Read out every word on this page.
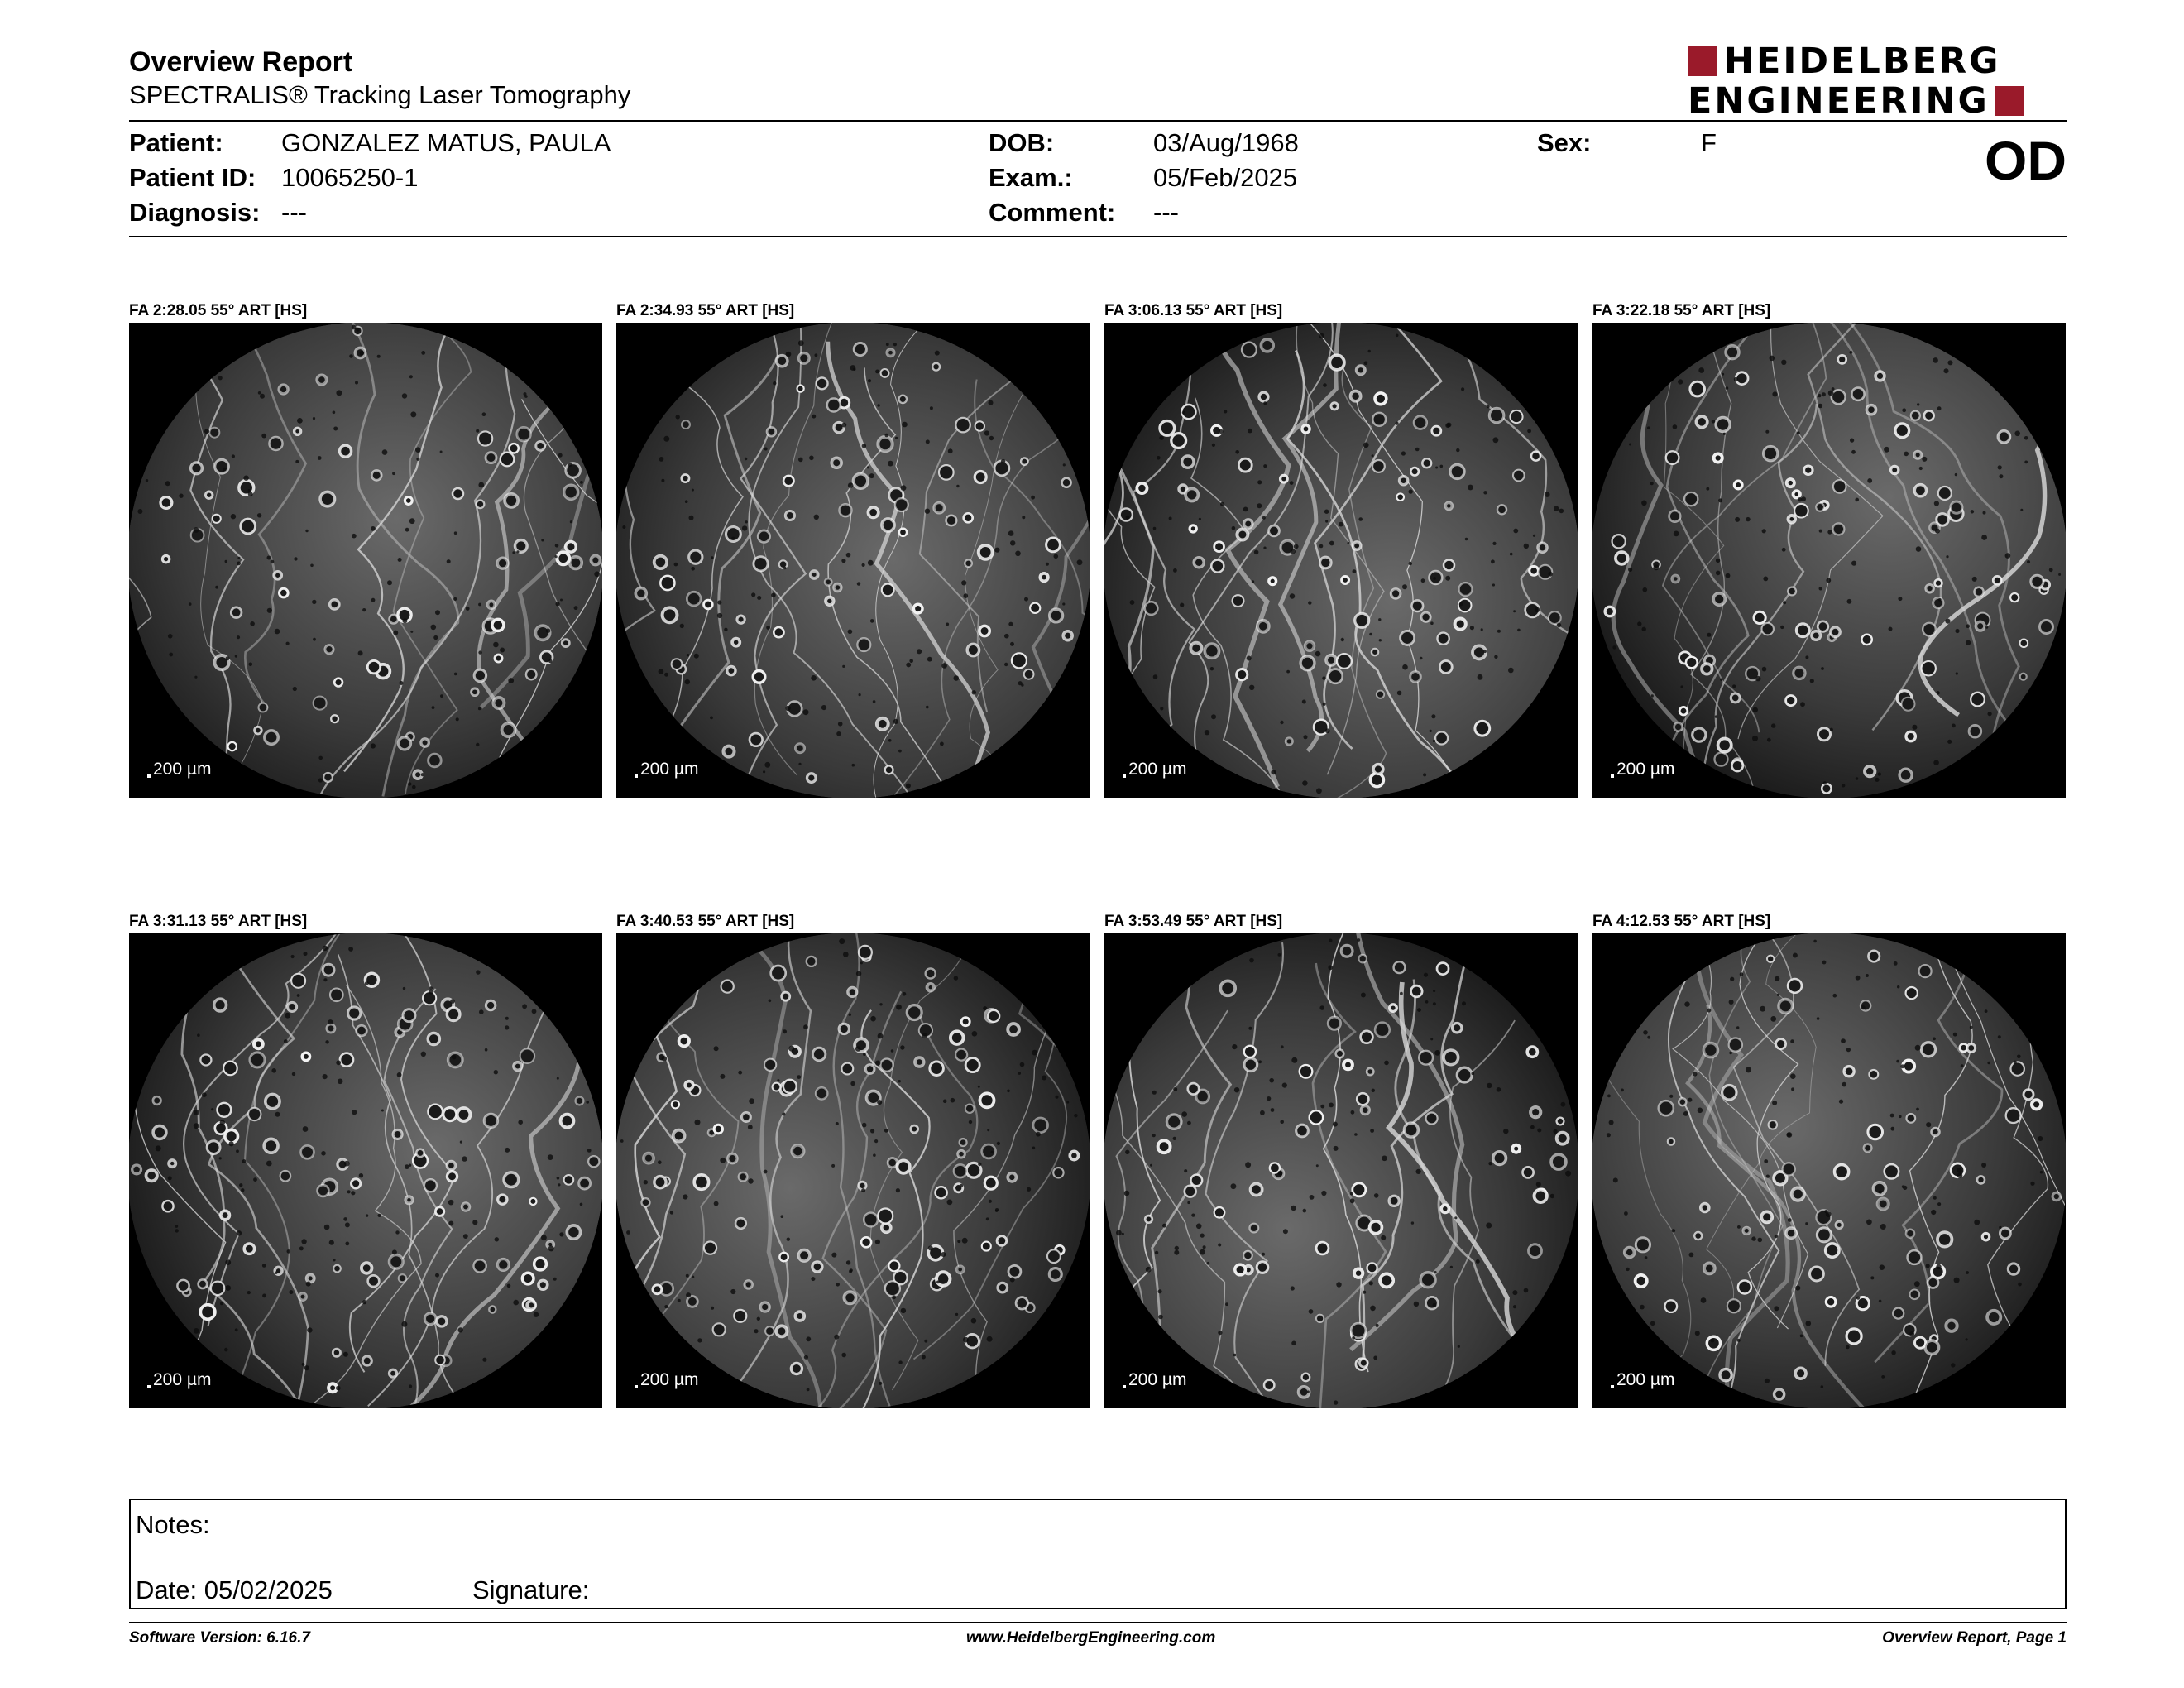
Overview Report
SPECTRALIS® Tracking Laser Tomography
HEIDELBERG
ENGINEERING
Patient: GONZALEZ MATUS, PAULA
Patient ID: 10065250-1
Diagnosis: ---
DOB:	03/Aug/1968
Exam.:	05/Feb/2025
Comment: ---
Sex:	F	OD
FA 2:28.05 55° ART [HS]	FA 2:34.93 55° ART [HS]	FA 3:06.13 55° ART [HS]	FA 3:22.18 55° ART [HS]
FA 3:31.13 55° ART [HS]	FA 3:40.53 55° ART [HS]	FA 3:53.49 55° ART [HS]	FA 4:12.53 55° ART [HS]
200 µm	200 µm	200 µm	200 µm
200 µm	200 µm	200 µm	200 µm
Notes:
Date: 05/02/2025	Signature:
Software Version: 6.16.7	www.HeidelbergEngineering.com	Overview Report, Page 1
